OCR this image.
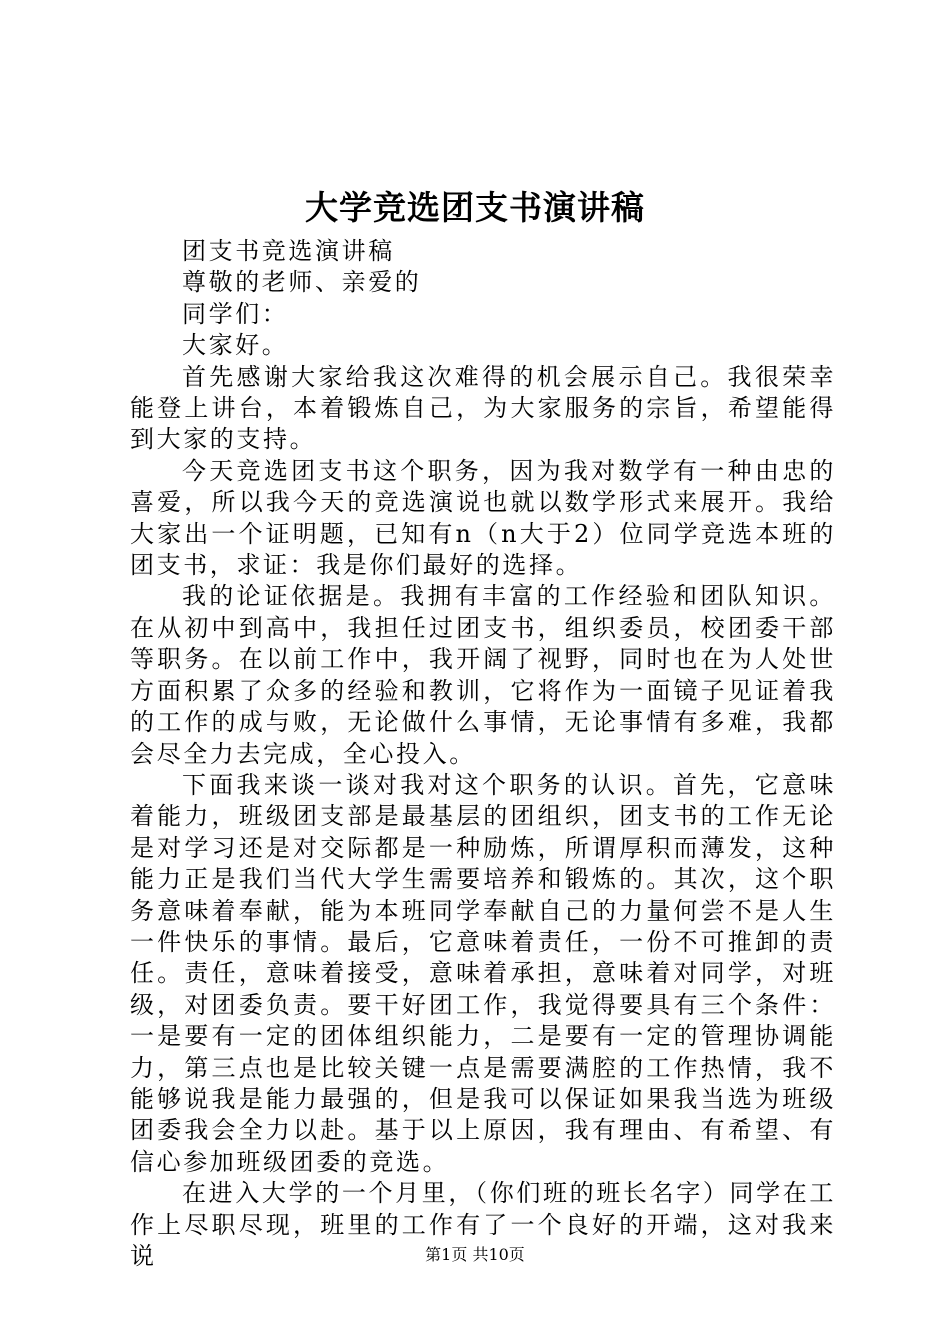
大学竞选团支书演讲稿

团支书竞选演讲稿

尊敬的老师、亲爱的

同学们：

大家好。

首先感谢大家给我这次难得的机会展示自己。我很荣幸能登上讲台，本着锻炼自己，为大家服务的宗旨，希望能得到大家的支持。

今天竞选团支书这个职务，因为我对数学有一种由忠的喜爱，所以我今天的竞选演说也就以数学形式来展开。我给大家出一个证明题，已知有n（n大于2）位同学竞选本班的团支书，求证：我是你们最好的选择。

我的论证依据是。我拥有丰富的工作经验和团队知识。在从初中到高中，我担任过团支书，组织委员，校团委干部等职务。在以前工作中，我开阔了视野，同时也在为人处世方面积累了众多的经验和教训，它将作为一面镜子见证着我的工作的成与败，无论做什么事情，无论事情有多难，我都会尽全力去完成，全心投入。

下面我来谈一谈对我对这个职务的认识。首先，它意味着能力，班级团支部是最基层的团组织，团支书的工作无论是对学习还是对交际都是一种励炼，所谓厚积而薄发，这种能力正是我们当代大学生需要培养和锻炼的。其次，这个职务意味着奉献，能为本班同学奉献自己的力量何尝不是人生一件快乐的事情。最后，它意味着责任，一份不可推卸的责任。责任，意味着接受，意味着承担，意味着对同学，对班级，对团委负责。要干好团工作，我觉得要具有三个条件：一是要有一定的团体组织能力，二是要有一定的管理协调能力，第三点也是比较关键一点是需要满腔的工作热情，我不能够说我是能力最强的，但是我可以保证如果我当选为班级团委我会全力以赴。基于以上原因，我有理由、有希望、有信心参加班级团委的竞选。

在进入大学的一个月里，（你们班的班长名字）同学在工作上尽职尽现，班里的工作有了一个良好的开端，这对我来说	第1页 共10页
